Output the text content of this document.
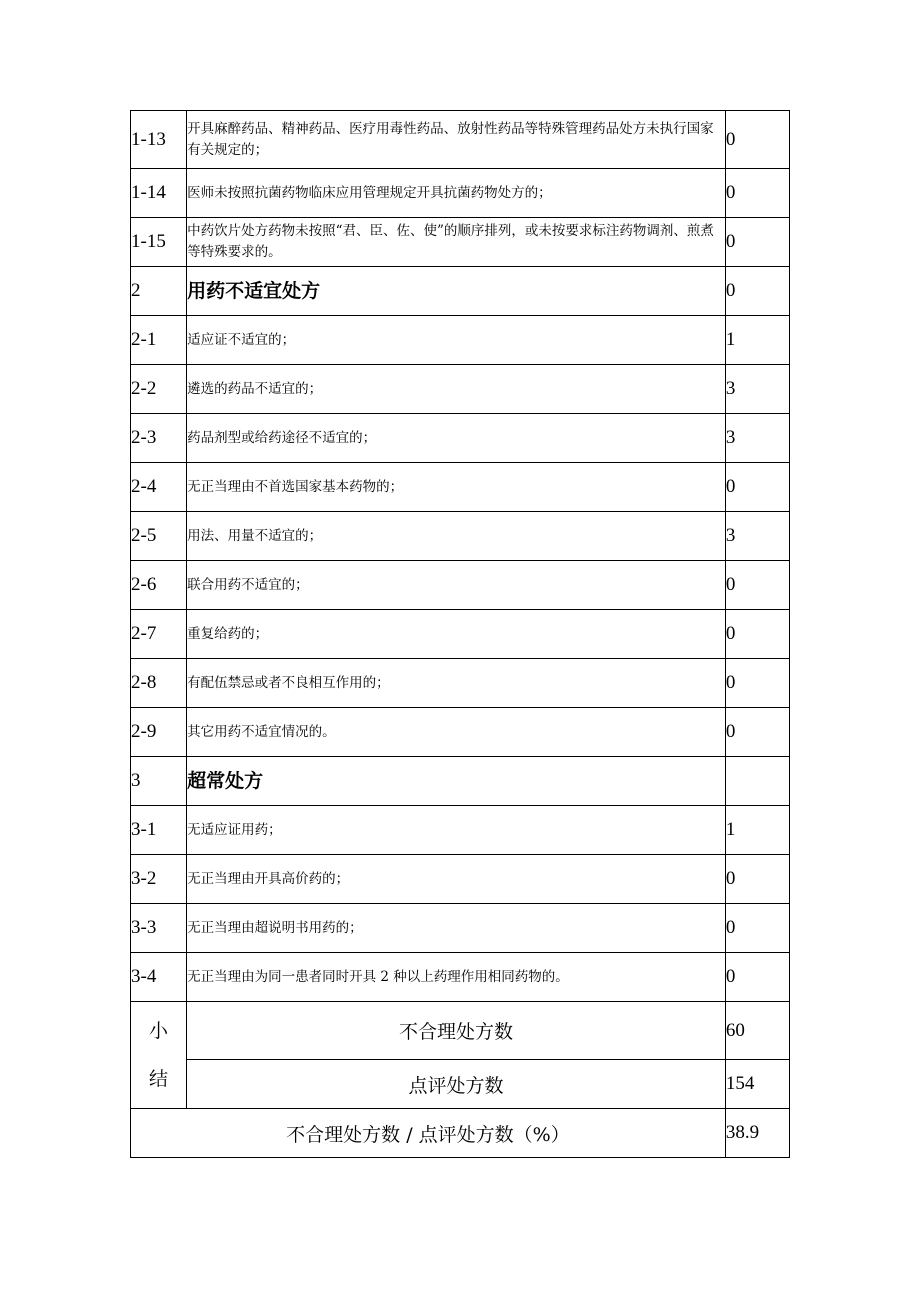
1-13	开具麻醉药品、精神药品、医疗用毒性药品、放射性药品等特殊管理药品处方未执行国家有关规定的；	0
1-14	医师未按照抗菌药物临床应用管理规定开具抗菌药物处方的；	0
1-15	中药饮片处方药物未按照“君、臣、佐、使”的顺序排列，或未按要求标注药物调剂、煎煮等特殊要求的。	0
2	用药不适宜处方	0
2-1	适应证不适宜的；	1
2-2	遴选的药品不适宜的；	3
2-3	药品剂型或给药途径不适宜的；	3
2-4	无正当理由不首选国家基本药物的；	0
2-5	用法、用量不适宜的；	3
2-6	联合用药不适宜的；	0
2-7	重复给药的；	0
2-8	有配伍禁忌或者不良相互作用的；	0
2-9	其它用药不适宜情况的。	0
3	超常处方	
3-1	无适应证用药；	1
3-2	无正当理由开具高价药的；	0
3-3	无正当理由超说明书用药的；	0
3-4	无正当理由为同一患者同时开具 2 种以上药理作用相同药物的。	0

小
结	不合理处方数	60
	点评处方数	154
不合理处方数 / 点评处方数（%）		38.9
